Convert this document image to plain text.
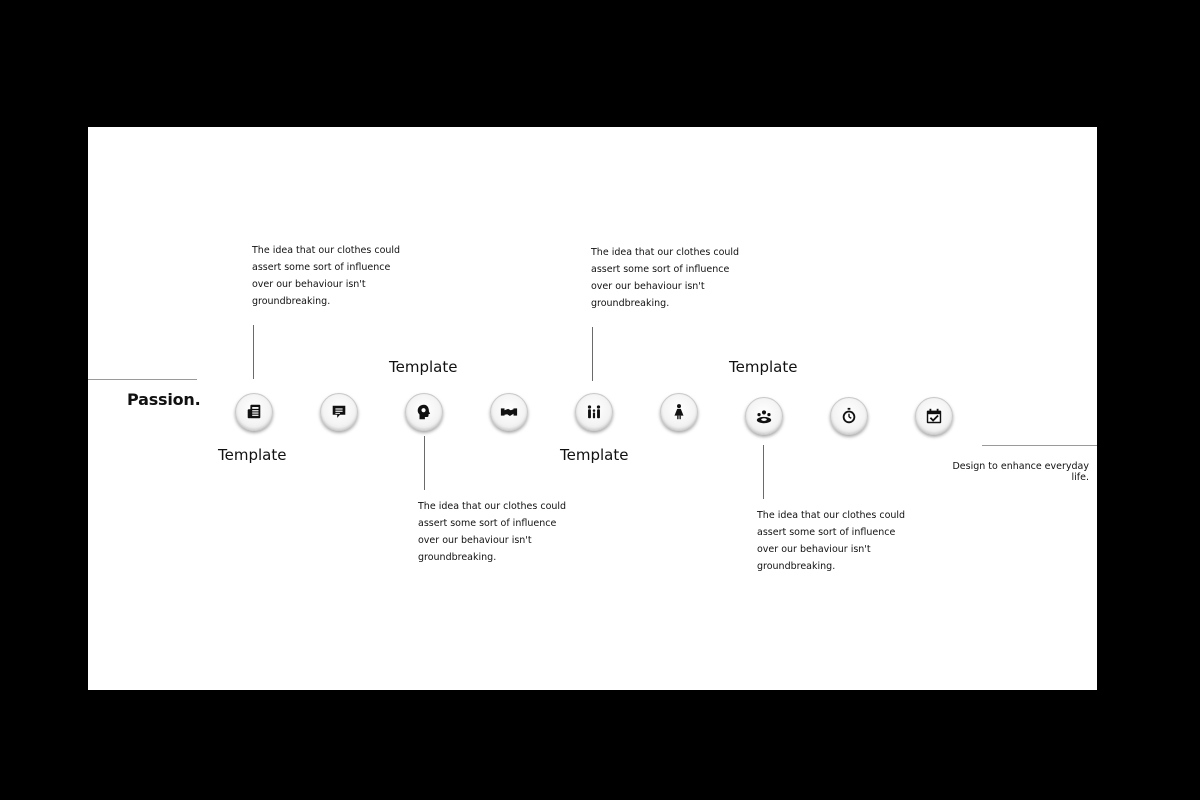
Passion.
The idea that our clothes could assert some sort of influence over our behaviour isn't groundbreaking.
The idea that our clothes could assert some sort of influence over our behaviour isn't groundbreaking.
Template	Template
Template	Template
The idea that our clothes could assert some sort of influence over our behaviour isn't groundbreaking.
The idea that our clothes could assert some sort of influence over our behaviour isn't groundbreaking.
Design to enhance everyday life.
